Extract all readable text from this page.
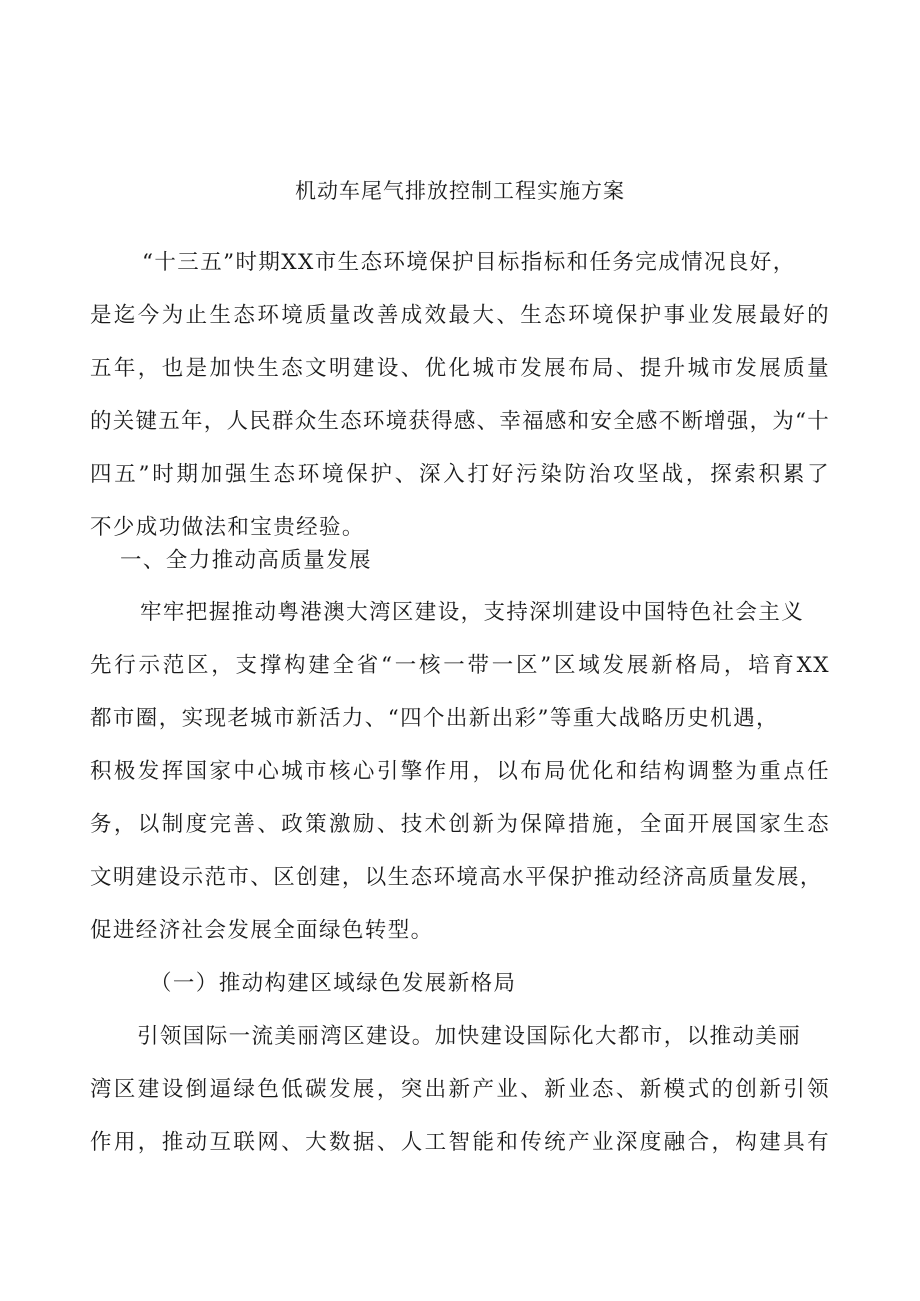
机动车尾气排放控制工程实施方案
“十三五”时期XX市生态环境保护目标指标和任务完成情况良好，
是迄今为止生态环境质量改善成效最大、生态环境保护事业发展最好的
五年，也是加快生态文明建设、优化城市发展布局、提升城市发展质量
的关键五年，人民群众生态环境获得感、幸福感和安全感不断增强，为“十
四五”时期加强生态环境保护、深入打好污染防治攻坚战，探索积累了
不少成功做法和宝贵经验。
一、全力推动高质量发展
牢牢把握推动粤港澳大湾区建设，支持深圳建设中国特色社会主义
先行示范区，支撑构建全省“一核一带一区”区域发展新格局，培育XX
都市圈，实现老城市新活力、“四个出新出彩”等重大战略历史机遇，
积极发挥国家中心城市核心引擎作用，以布局优化和结构调整为重点任
务，以制度完善、政策激励、技术创新为保障措施，全面开展国家生态
文明建设示范市、区创建，以生态环境高水平保护推动经济高质量发展，
促进经济社会发展全面绿色转型。
（一）推动构建区域绿色发展新格局
引领国际一流美丽湾区建设。加快建设国际化大都市，以推动美丽
湾区建设倒逼绿色低碳发展，突出新产业、新业态、新模式的创新引领
作用，推动互联网、大数据、人工智能和传统产业深度融合，构建具有
